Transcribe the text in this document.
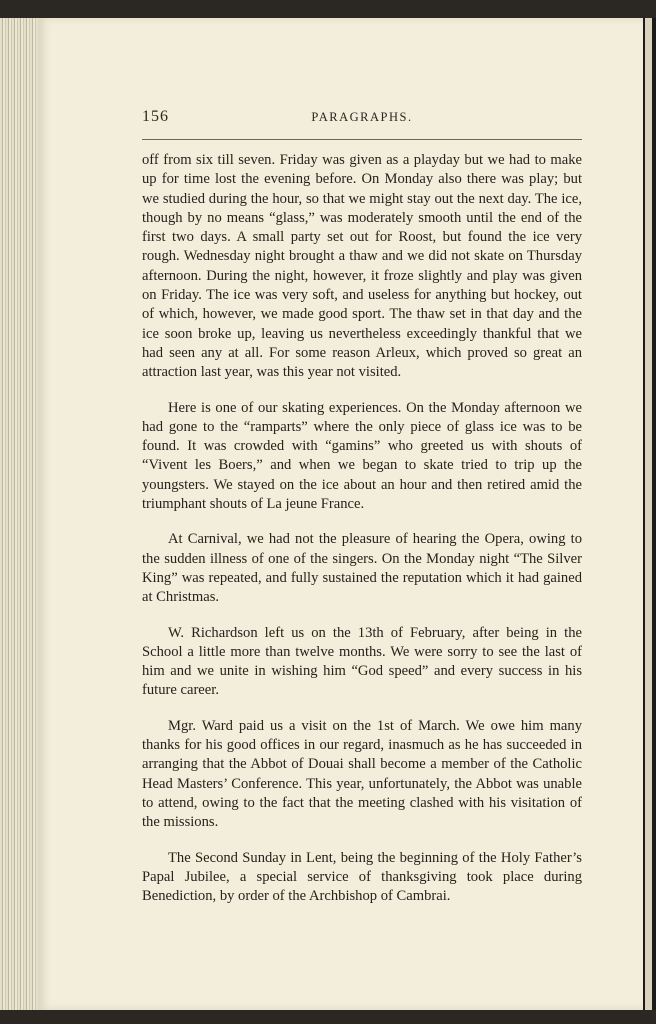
156	PARAGRAPHS.

off from six till seven. Friday was given as a playday but we had to make up for time lost the evening before. On Monday also there was play; but we studied during the hour, so that we might stay out the next day. The ice, though by no means “glass,” was moderately smooth until the end of the first two days. A small party set out for Roost, but found the ice very rough. Wednesday night brought a thaw and we did not skate on Thursday afternoon. During the night, however, it froze slightly and play was given on Friday. The ice was very soft, and useless for anything but hockey, out of which, however, we made good sport. The thaw set in that day and the ice soon broke up, leaving us nevertheless exceedingly thankful that we had seen any at all. For some reason Arleux, which proved so great an attraction last year, was this year not visited.

Here is one of our skating experiences. On the Monday afternoon we had gone to the “ramparts” where the only piece of glass ice was to be found. It was crowded with “gamins” who greeted us with shouts of “Vivent les Boers,” and when we began to skate tried to trip up the youngsters. We stayed on the ice about an hour and then retired amid the triumphant shouts of La jeune France.

At Carnival, we had not the pleasure of hearing the Opera, owing to the sudden illness of one of the singers. On the Monday night “The Silver King” was repeated, and fully sustained the reputation which it had gained at Christmas.

W. Richardson left us on the 13th of February, after being in the School a little more than twelve months. We were sorry to see the last of him and we unite in wishing him “God speed” and every success in his future career.

Mgr. Ward paid us a visit on the 1st of March. We owe him many thanks for his good offices in our regard, inasmuch as he has succeeded in arranging that the Abbot of Douai shall become a member of the Catholic Head Masters’ Conference. This year, unfortunately, the Abbot was unable to attend, owing to the fact that the meeting clashed with his visitation of the missions.

The Second Sunday in Lent, being the beginning of the Holy Father’s Papal Jubilee, a special service of thanksgiving took place during Benediction, by order of the Archbishop of Cambrai.
